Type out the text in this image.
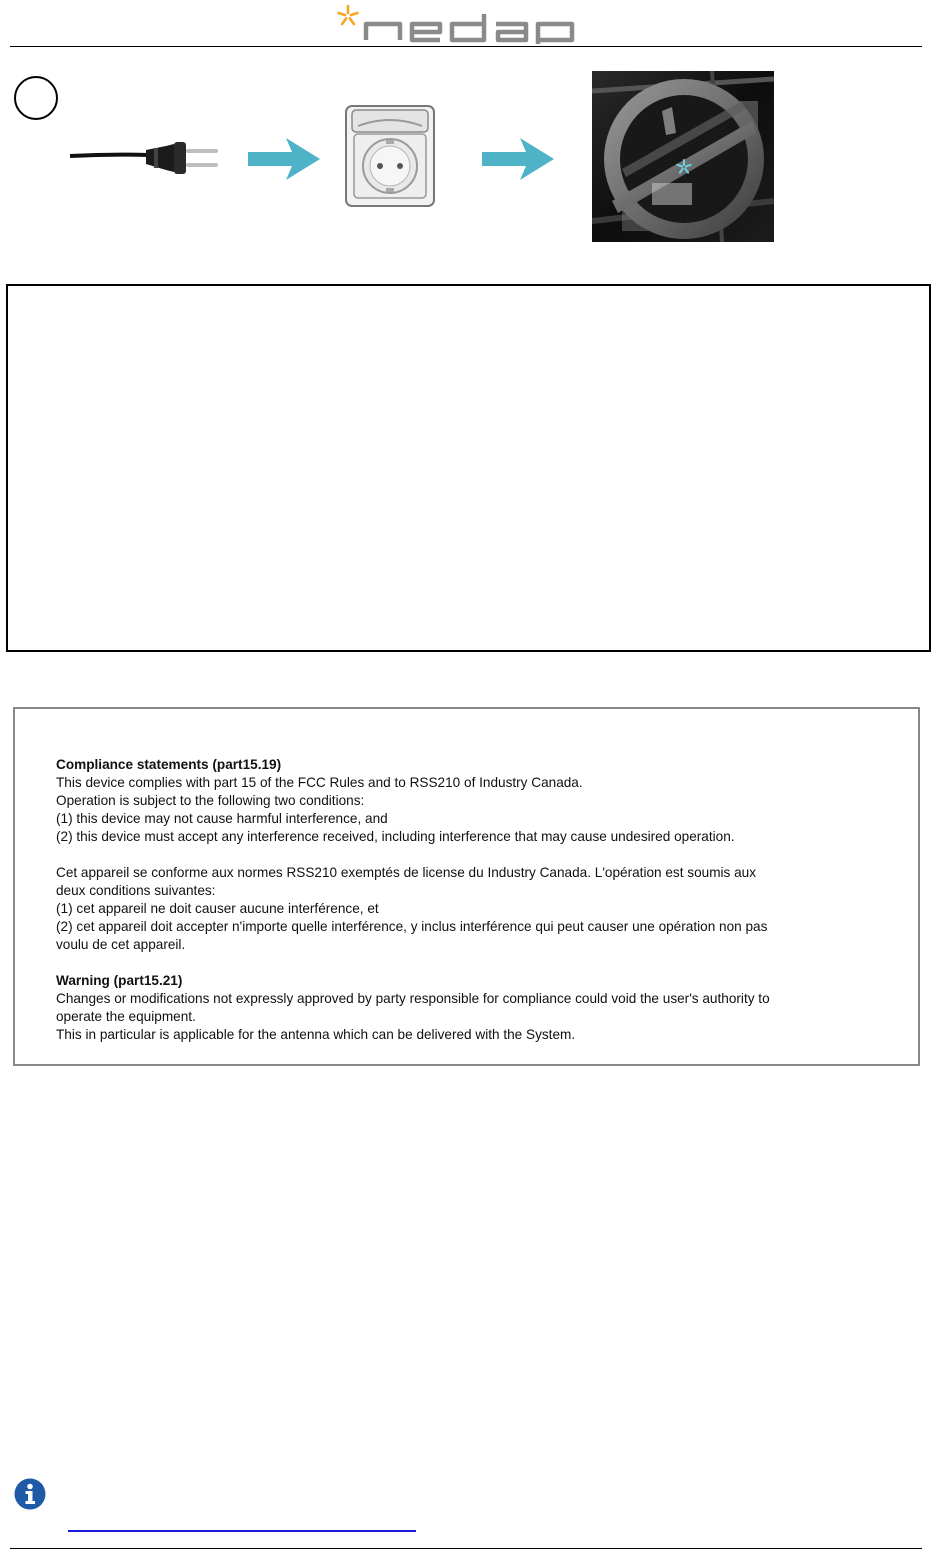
nedap

Compliance statements (part15.19)

This device complies with part 15 of the FCC Rules and to RSS210 of Industry Canada.

Operation is subject to the following two conditions:

(1) this device may not cause harmful interference, and

(2) this device must accept any interference received, including interference that may cause undesired operation.

Cet appareil se conforme aux normes RSS210 exemptés de license du Industry Canada. L'opération est soumis aux

deux conditions suivantes:

(1) cet appareil ne doit causer aucune interférence, et

(2) cet appareil doit accepter n'importe quelle interférence, y inclus interférence qui peut causer une opération non pas

voulu de cet appareil.

Warning (part15.21)

Changes or modifications not expressly approved by party responsible for compliance could void the user's authority to

operate the equipment.

This in particular is applicable for the antenna which can be delivered with the System.
